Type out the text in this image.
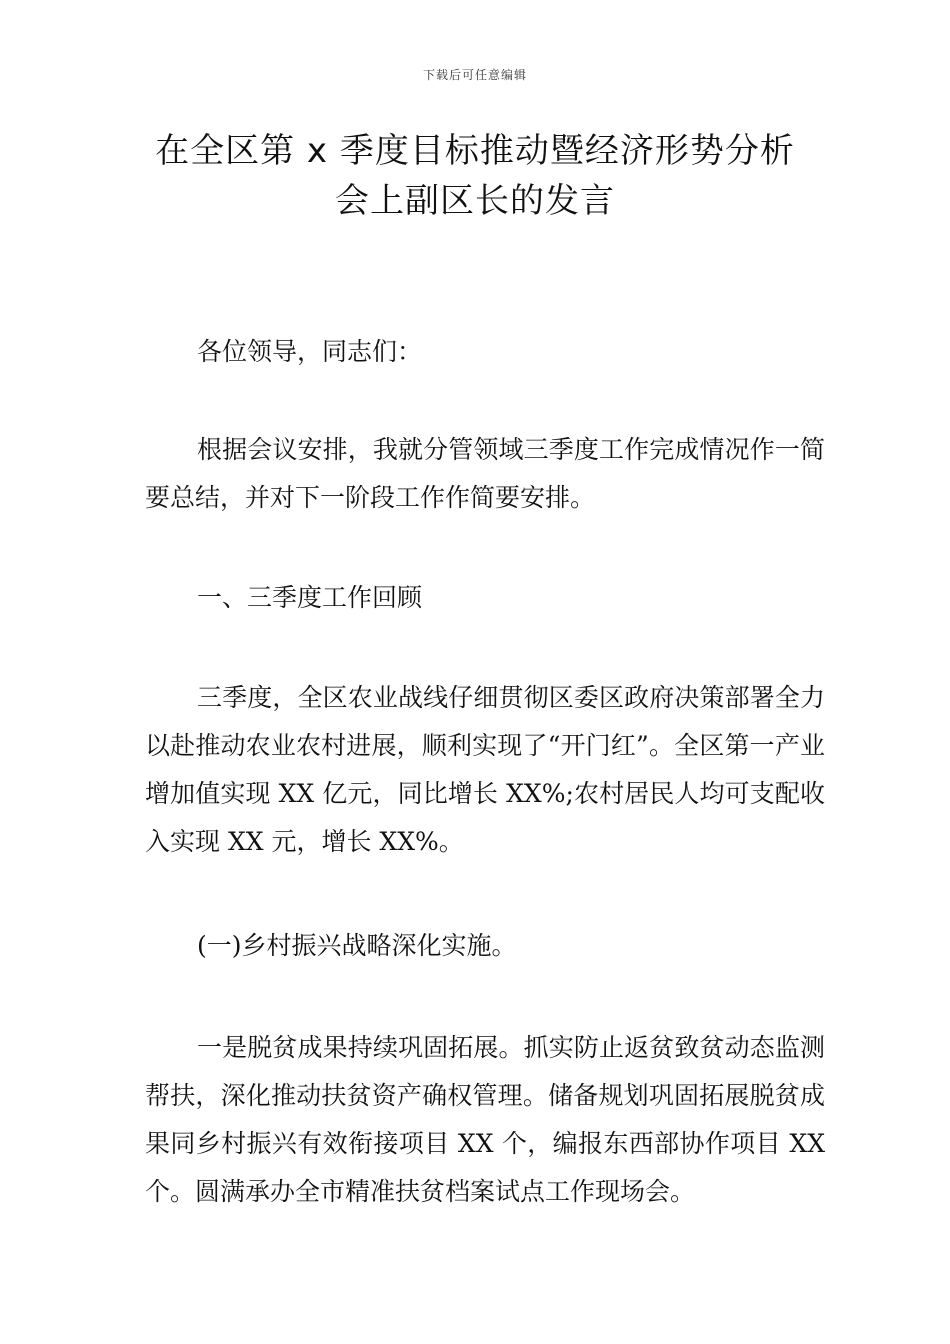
下载后可任意编辑
在全区第 x 季度目标推动暨经济形势分析
会上副区长的发言
各位领导，同志们：
根据会议安排，我就分管领域三季度工作完成情况作一简要总结，并对下一阶段工作作简要安排。
一、三季度工作回顾
三季度，全区农业战线仔细贯彻区委区政府决策部署全力以赴推动农业农村进展，顺利实现了“开门红”。全区第一产业增加值实现 XX 亿元，同比增长 XX%;农村居民人均可支配收入实现 XX 元，增长 XX%。
(一)乡村振兴战略深化实施。
一是脱贫成果持续巩固拓展。抓实防止返贫致贫动态监测帮扶，深化推动扶贫资产确权管理。储备规划巩固拓展脱贫成果同乡村振兴有效衔接项目 XX 个，编报东西部协作项目 XX 个。圆满承办全市精准扶贫档案试点工作现场会。
